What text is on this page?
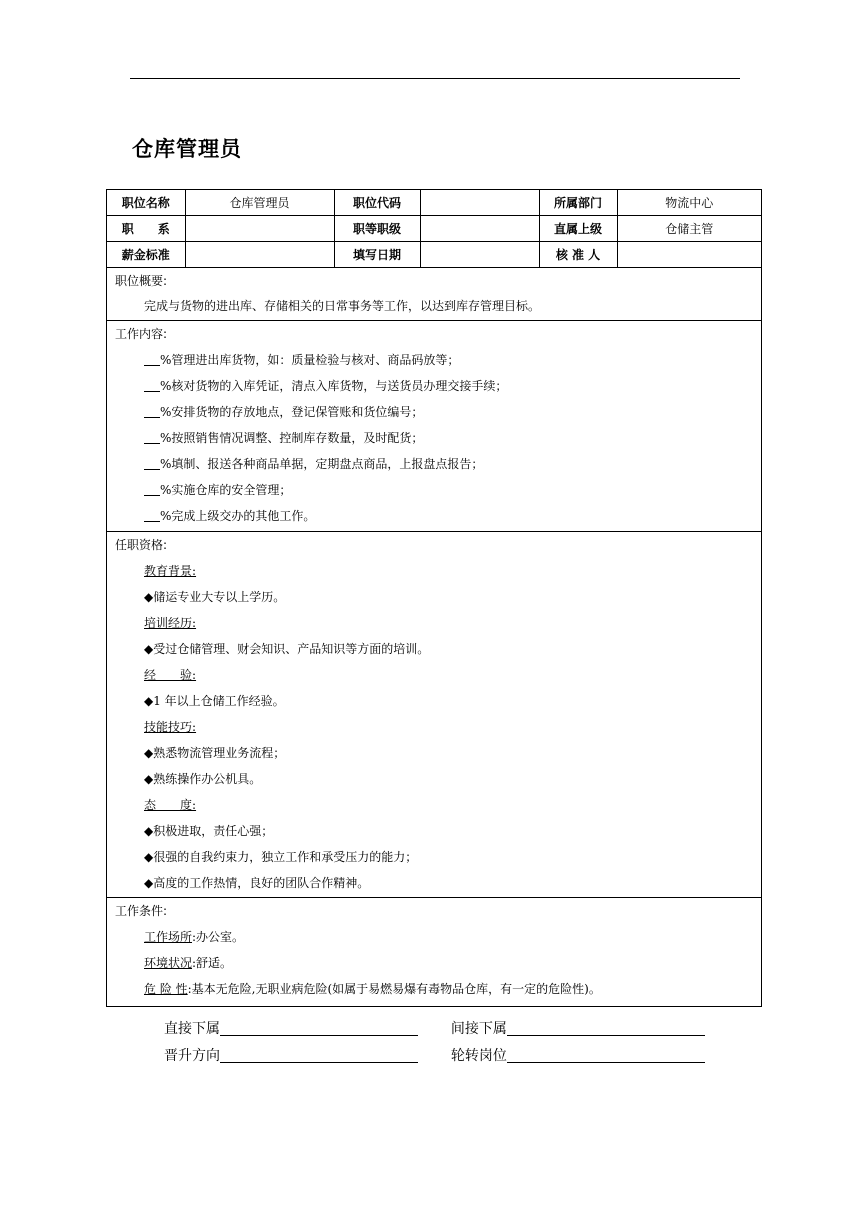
仓库管理员
职位名称	仓库管理员	职位代码		所属部门	物流中心
职　　系		职等职级		直属上级	仓储主管
薪金标准		填写日期		核 准 人	
职位概要:
完成与货物的进出库、存储相关的日常事务等工作，以达到库存管理目标。
工作内容:
%管理进出库货物，如：质量检验与核对、商品码放等；
%核对货物的入库凭证，清点入库货物，与送货员办理交接手续；
%安排货物的存放地点，登记保管账和货位编号；
%按照销售情况调整、控制库存数量，及时配货；
%填制、报送各种商品单据，定期盘点商品，上报盘点报告；
%实施仓库的安全管理；
%完成上级交办的其他工作。
任职资格:
教育背景:
◆储运专业大专以上学历。
培训经历:
◆受过仓储管理、财会知识、产品知识等方面的培训。
经　　验:
◆1 年以上仓储工作经验。
技能技巧:
◆熟悉物流管理业务流程；
◆熟练操作办公机具。
态　　度:
◆积极进取，责任心强；
◆很强的自我约束力，独立工作和承受压力的能力；
◆高度的工作热情，良好的团队合作精神。
工作条件:
工作场所:办公室。
环境状况:舒适。
危 险 性:基本无危险,无职业病危险(如属于易燃易爆有毒物品仓库，有一定的危险性)。
直接下属	间接下属
晋升方向	轮转岗位
